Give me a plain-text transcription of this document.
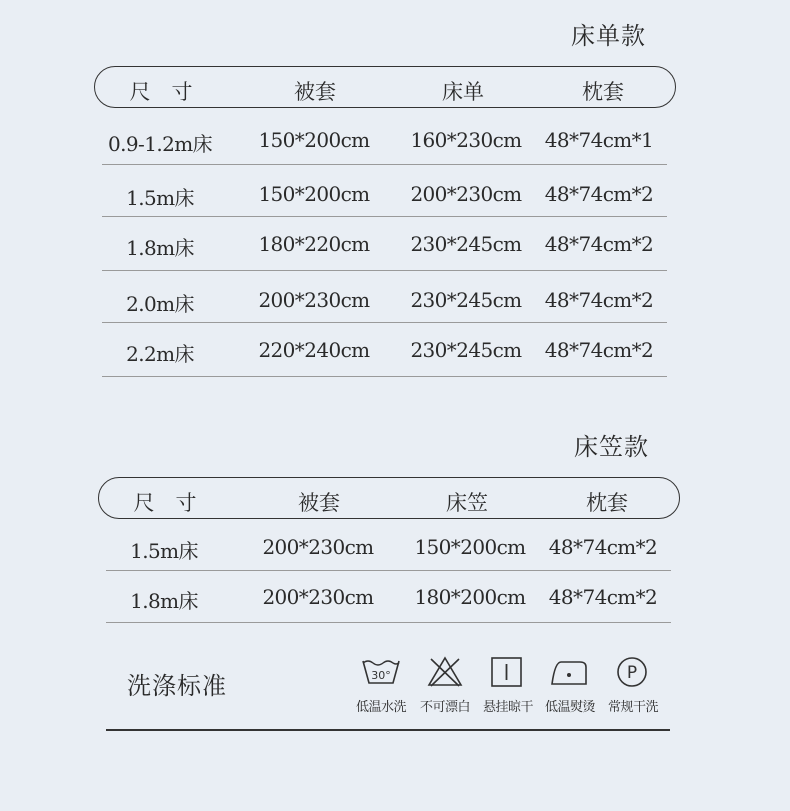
床单款
尺　寸	被套	床单	枕套
0.9-1.2m床	150*200cm	160*230cm	48*74cm*1
1.5m床	150*200cm	200*230cm	48*74cm*2
1.8m床	180*220cm	230*245cm	48*74cm*2
2.0m床	200*230cm	230*245cm	48*74cm*2
2.2m床	220*240cm	230*245cm	48*74cm*2
床笠款
尺　寸	被套	床笠	枕套
1.5m床	200*230cm	150*200cm	48*74cm*2
1.8m床	200*230cm	180*200cm	48*74cm*2
洗涤标准	30°
低温水洗	不可漂白 悬挂晾干 低温熨烫
P
常规干洗
